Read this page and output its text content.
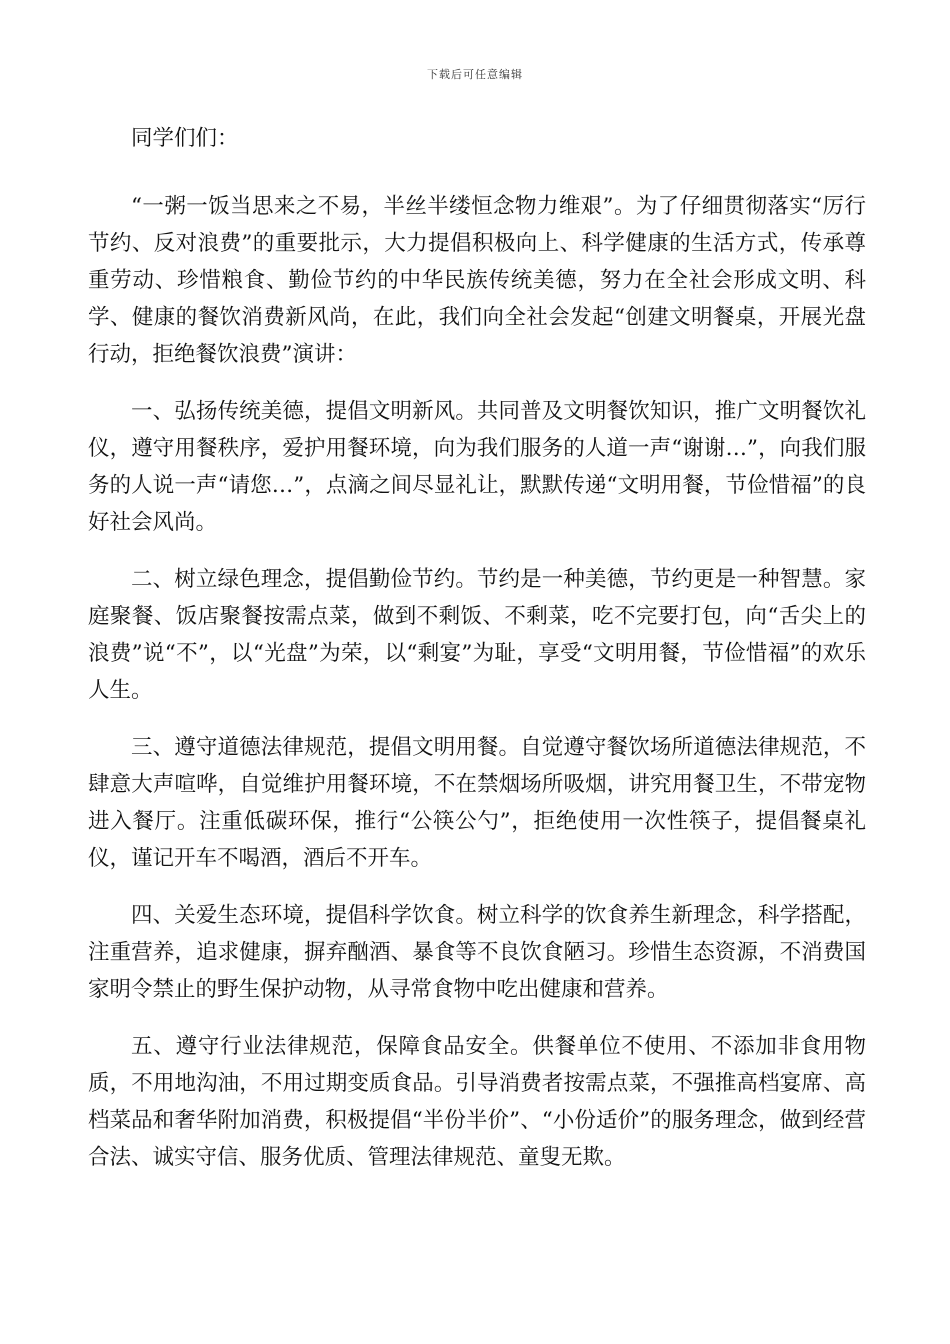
下载后可任意编辑

同学们们：

“一粥一饭当思来之不易，半丝半缕恒念物力维艰”。为了仔细贯彻落实“厉行节约、反对浪费”的重要批示，大力提倡积极向上、科学健康的生活方式，传承尊重劳动、珍惜粮食、勤俭节约的中华民族传统美德，努力在全社会形成文明、科学、健康的餐饮消费新风尚，在此，我们向全社会发起“创建文明餐桌，开展光盘行动，拒绝餐饮浪费”演讲：

一、弘扬传统美德，提倡文明新风。共同普及文明餐饮知识，推广文明餐饮礼仪，遵守用餐秩序，爱护用餐环境，向为我们服务的人道一声“谢谢…”，向我们服务的人说一声“请您…”，点滴之间尽显礼让，默默传递“文明用餐，节俭惜福”的良好社会风尚。

二、树立绿色理念，提倡勤俭节约。节约是一种美德，节约更是一种智慧。家庭聚餐、饭店聚餐按需点菜，做到不剩饭、不剩菜，吃不完要打包，向“舌尖上的浪费”说“不”，以“光盘”为荣，以“剩宴”为耻，享受“文明用餐，节俭惜福”的欢乐人生。

三、遵守道德法律规范，提倡文明用餐。自觉遵守餐饮场所道德法律规范，不肆意大声喧哗，自觉维护用餐环境，不在禁烟场所吸烟，讲究用餐卫生，不带宠物进入餐厅。注重低碳环保，推行“公筷公勺”，拒绝使用一次性筷子，提倡餐桌礼仪，谨记开车不喝酒，酒后不开车。

四、关爱生态环境，提倡科学饮食。树立科学的饮食养生新理念，科学搭配，注重营养，追求健康，摒弃酗酒、暴食等不良饮食陋习。珍惜生态资源，不消费国家明令禁止的野生保护动物，从寻常食物中吃出健康和营养。

五、遵守行业法律规范，保障食品安全。供餐单位不使用、不添加非食用物质，不用地沟油，不用过期变质食品。引导消费者按需点菜，不强推高档宴席、高档菜品和奢华附加消费，积极提倡“半份半价”、“小份适价”的服务理念，做到经营合法、诚实守信、服务优质、管理法律规范、童叟无欺。
